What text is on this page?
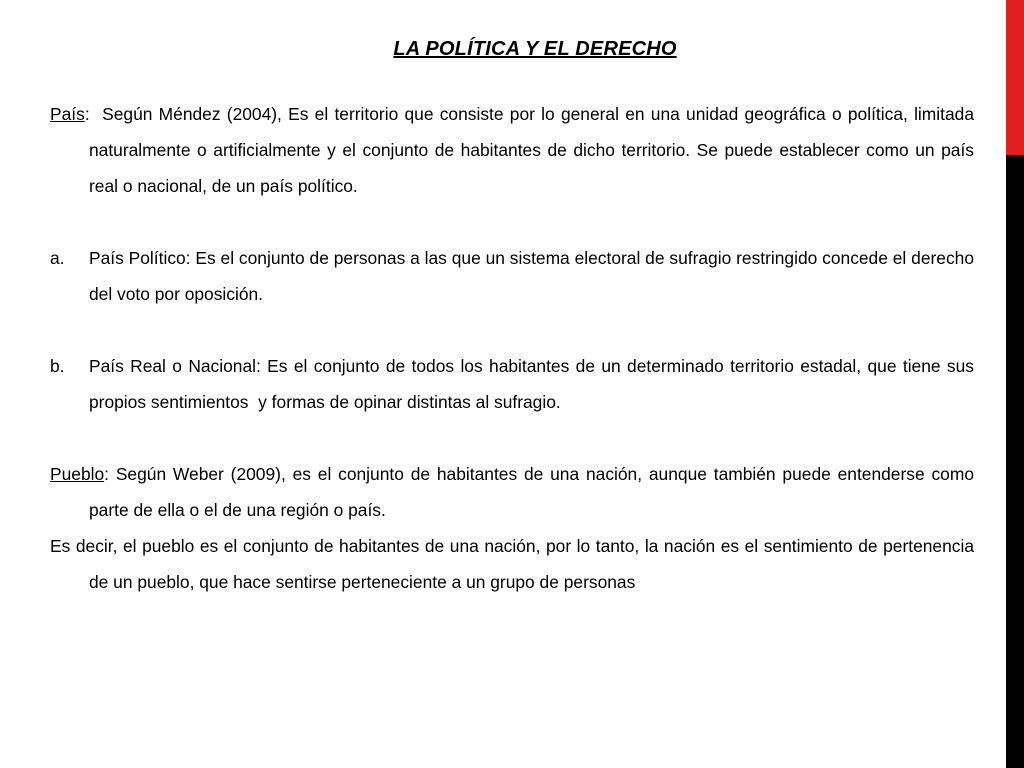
LA POLÍTICA Y EL DERECHO

País:  Según Méndez (2004), Es el territorio que consiste por lo general en una unidad geográfica o política, limitada naturalmente o artificialmente y el conjunto de habitantes de dicho territorio. Se puede establecer como un país real o nacional, de un país político.

a. País Político: Es el conjunto de personas a las que un sistema electoral de sufragio restringido concede el derecho del voto por oposición.

b. País Real o Nacional: Es el conjunto de todos los habitantes de un determinado territorio estadal, que tiene sus propios sentimientos  y formas de opinar distintas al sufragio.

Pueblo: Según Weber (2009), es el conjunto de habitantes de una nación, aunque también puede entenderse como parte de ella o el de una región o país.

Es decir, el pueblo es el conjunto de habitantes de una nación, por lo tanto, la nación es el sentimiento de pertenencia de un pueblo, que hace sentirse perteneciente a un grupo de personas
